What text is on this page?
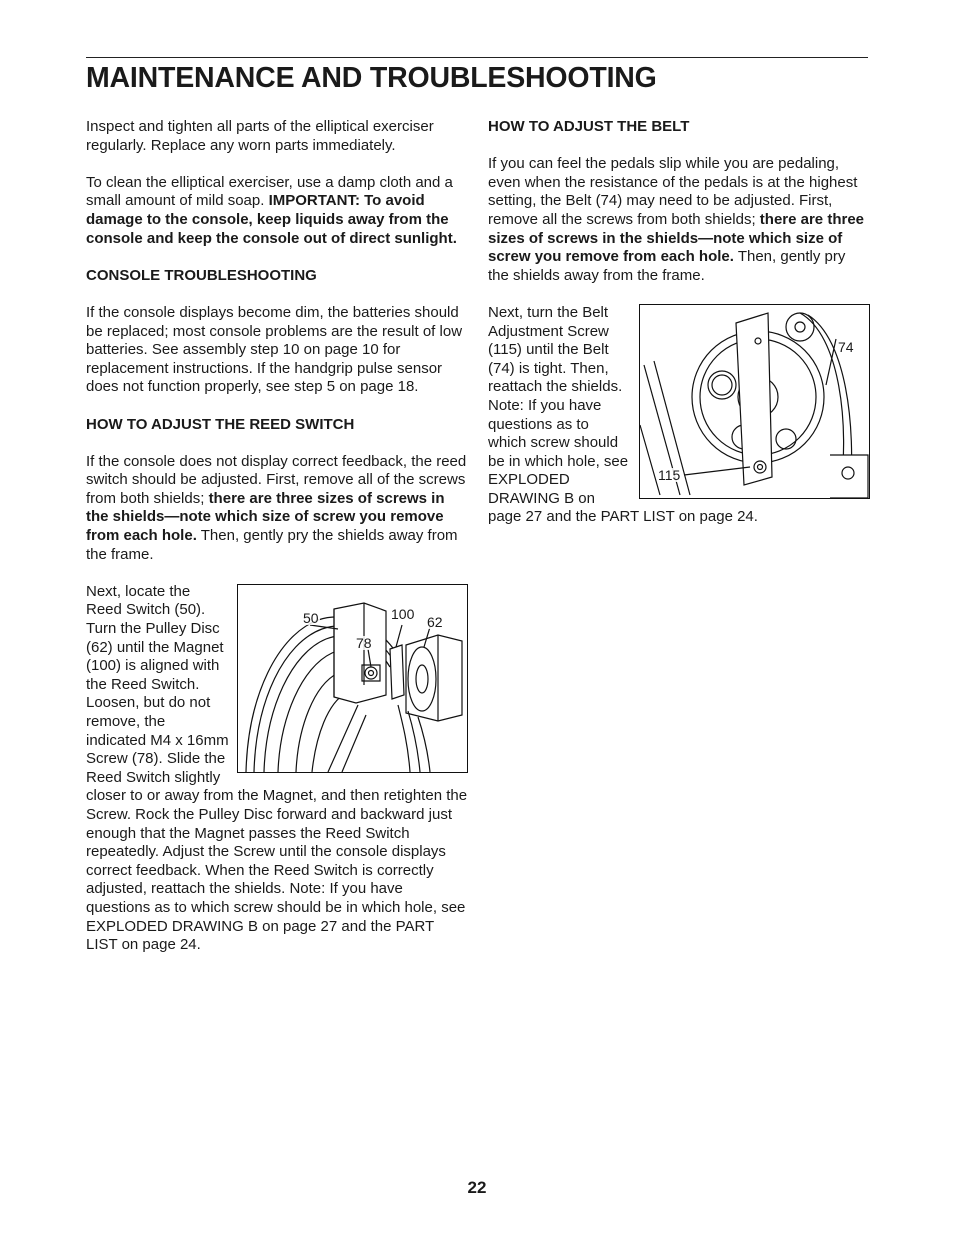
MAINTENANCE AND TROUBLESHOOTING

Inspect and tighten all parts of the elliptical exerciser regularly. Replace any worn parts immediately.

To clean the elliptical exerciser, use a damp cloth and a small amount of mild soap. IMPORTANT: To avoid damage to the console, keep liquids away from the console and keep the console out of direct sunlight.

CONSOLE TROUBLESHOOTING

If the console displays become dim, the batteries should be replaced; most console problems are the result of low batteries. See assembly step 10 on page 10 for replacement instructions. If the handgrip pulse sensor does not function properly, see step 5 on page 18.

HOW TO ADJUST THE REED SWITCH

If the console does not display correct feedback, the reed switch should be adjusted. First, remove all of the screws from both shields; there are three sizes of screws in the shields—note which size of screw you remove from each hole. Then, gently pry the shields away from the frame.

50	100 62
78

Next, locate the Reed Switch (50). Turn the Pulley Disc (62) until the Magnet (100) is aligned with the Reed Switch. Loosen, but do not remove, the indicated M4 x 16mm Screw (78). Slide the Reed Switch slightly closer to or away from the Magnet, and then retighten the Screw. Rock the Pulley Disc forward and backward just enough that the Magnet passes the Reed Switch repeatedly. Adjust the Screw until the console displays correct feedback. When the Reed Switch is correctly adjusted, reattach the shields. Note: If you have questions as to which screw should be in which hole, see EXPLODED DRAWING B on page 27 and the PART LIST on page 24.

HOW TO ADJUST THE BELT

If you can feel the pedals slip while you are pedaling, even when the resistance of the pedals is at the highest setting, the Belt (74) may need to be adjusted. First, remove all the screws from both shields; there are three sizes of screws in the shields—note which size of screw you remove from each hole. Then, gently pry the shields away from the frame.

74
115

Next, turn the Belt Adjustment Screw (115) until the Belt (74) is tight. Then, reattach the shields. Note: If you have questions as to which screw should be in which hole, see EXPLODED DRAWING B on page 27 and the PART LIST on page 24.

22
